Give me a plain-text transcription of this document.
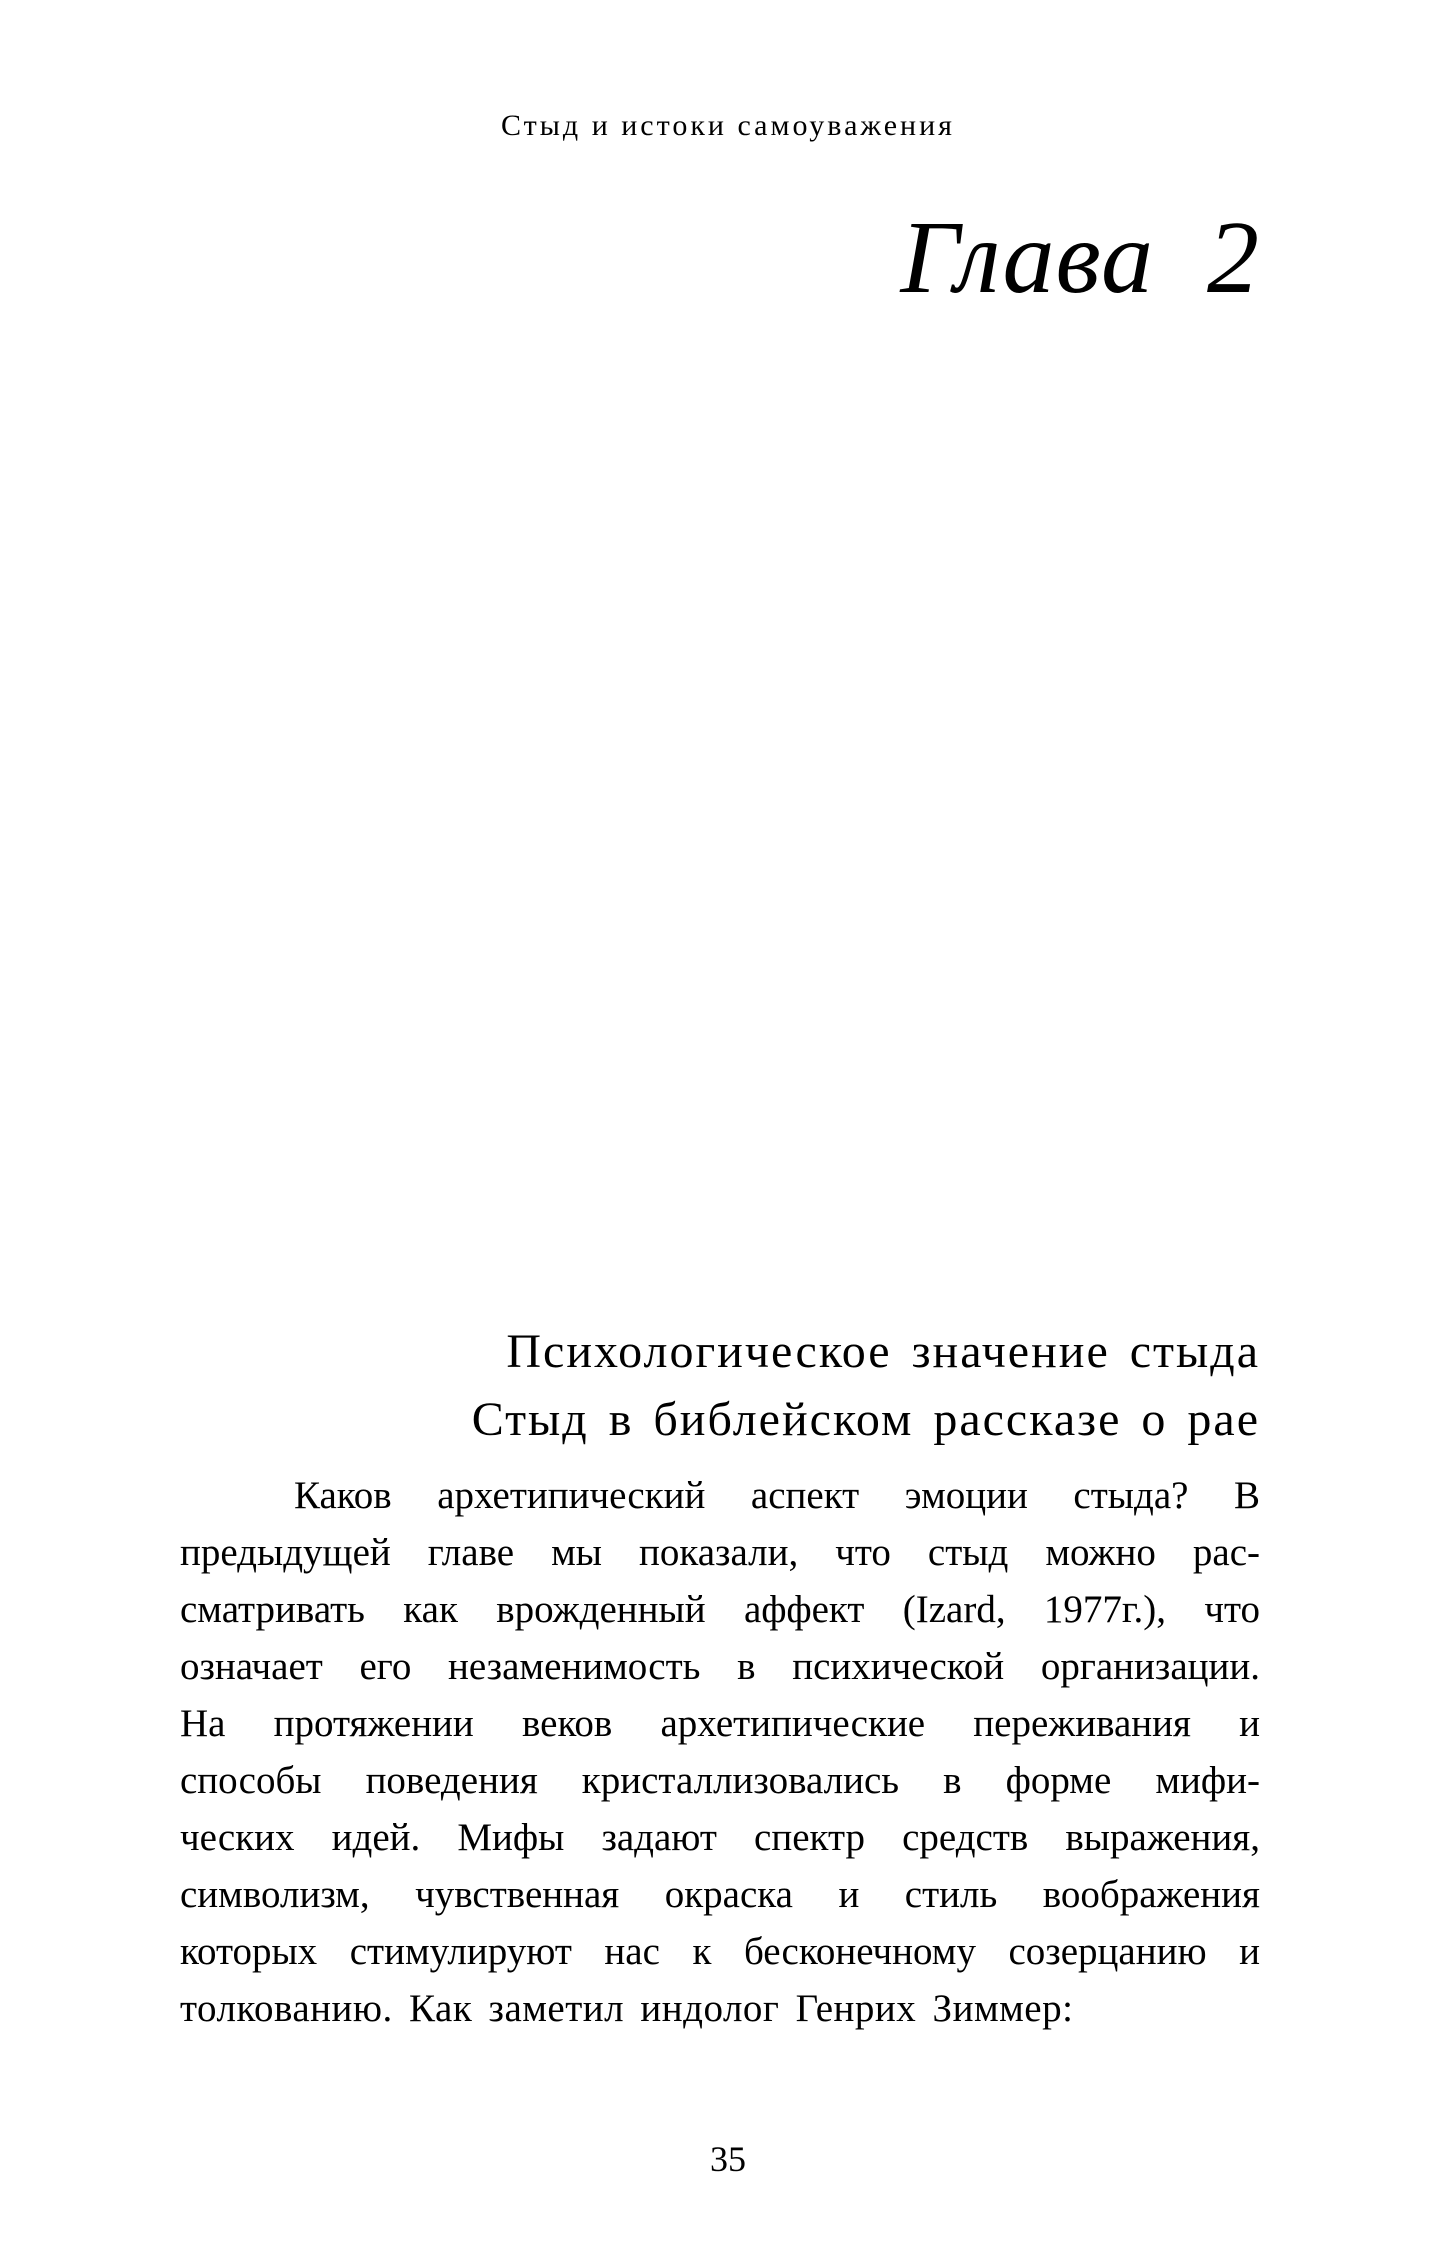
Стыд и истоки самоуважения
Глава 2
Психологическое значение стыда
Стыд в библейском рассказе о рае
Каков архетипический аспект эмоции стыда? В
предыдущей главе мы показали, что стыд можно рас-
сматривать как врожденный аффект (Izard, 1977г.), что
означает его незаменимость в психической организации.
На протяжении веков архетипические переживания и
способы поведения кристаллизовались в форме мифи-
ческих идей. Мифы задают спектр средств выражения,
символизм, чувственная окраска и стиль воображения
которых стимулируют нас к бесконечному созерцанию и
толкованию. Как заметил индолог Генрих Зиммер:
35
